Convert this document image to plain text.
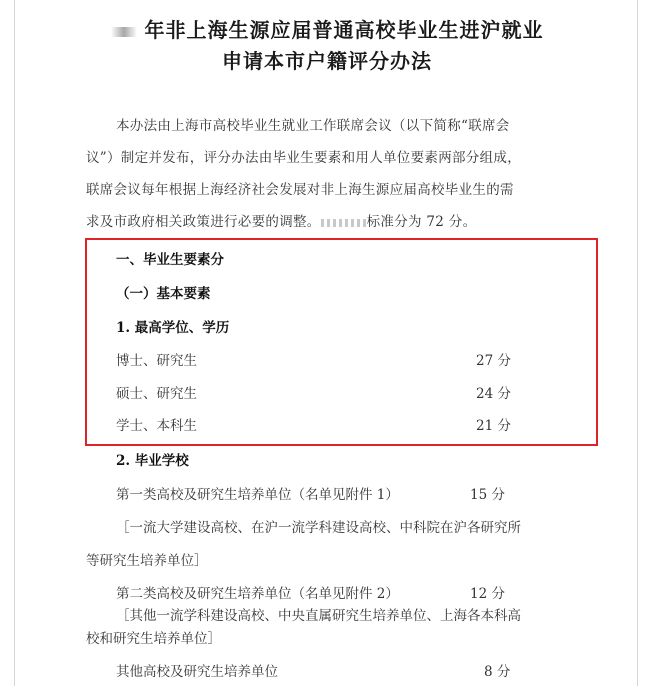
年非上海生源应届普通高校毕业生进沪就业
申请本市户籍评分办法
本办法由上海市高校毕业生就业工作联席会议（以下简称“联席会
议”）制定并发布，评分办法由毕业生要素和用人单位要素两部分组成，
联席会议每年根据上海经济社会发展对非上海生源应届高校毕业生的需
求及市政府相关政策进行必要的调整。	标准分为 72 分。
一、毕业生要素分
（一）基本要素
1. 最高学位、学历
博士、研究生	27 分
硕士、研究生	24 分
学士、本科生	21 分
2. 毕业学校
第一类高校及研究生培养单位（名单见附件 1）	15 分
［一流大学建设高校、在沪一流学科建设高校、中科院在沪各研究所
等研究生培养单位］
第二类高校及研究生培养单位（名单见附件 2）	12 分
［其他一流学科建设高校、中央直属研究生培养单位、上海各本科高
校和研究生培养单位］
其他高校及研究生培养单位	8 分
